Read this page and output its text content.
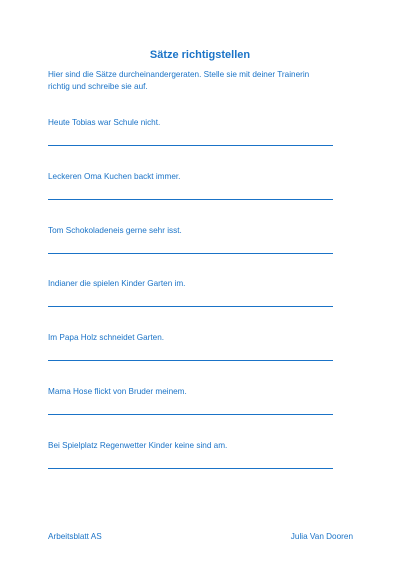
Sätze richtigstellen
Hier sind die Sätze durcheinandergeraten. Stelle sie mit deiner Trainerin
richtig und schreibe sie auf.
Heute Tobias war Schule nicht.
Leckeren Oma Kuchen backt immer.
Tom Schokoladeneis gerne sehr isst.
Indianer die spielen Kinder Garten im.
Im Papa Holz schneidet Garten.
Mama Hose flickt von Bruder meinem.
Bei Spielplatz Regenwetter Kinder keine sind am.
Arbeitsblatt AS	Julia Van Dooren
